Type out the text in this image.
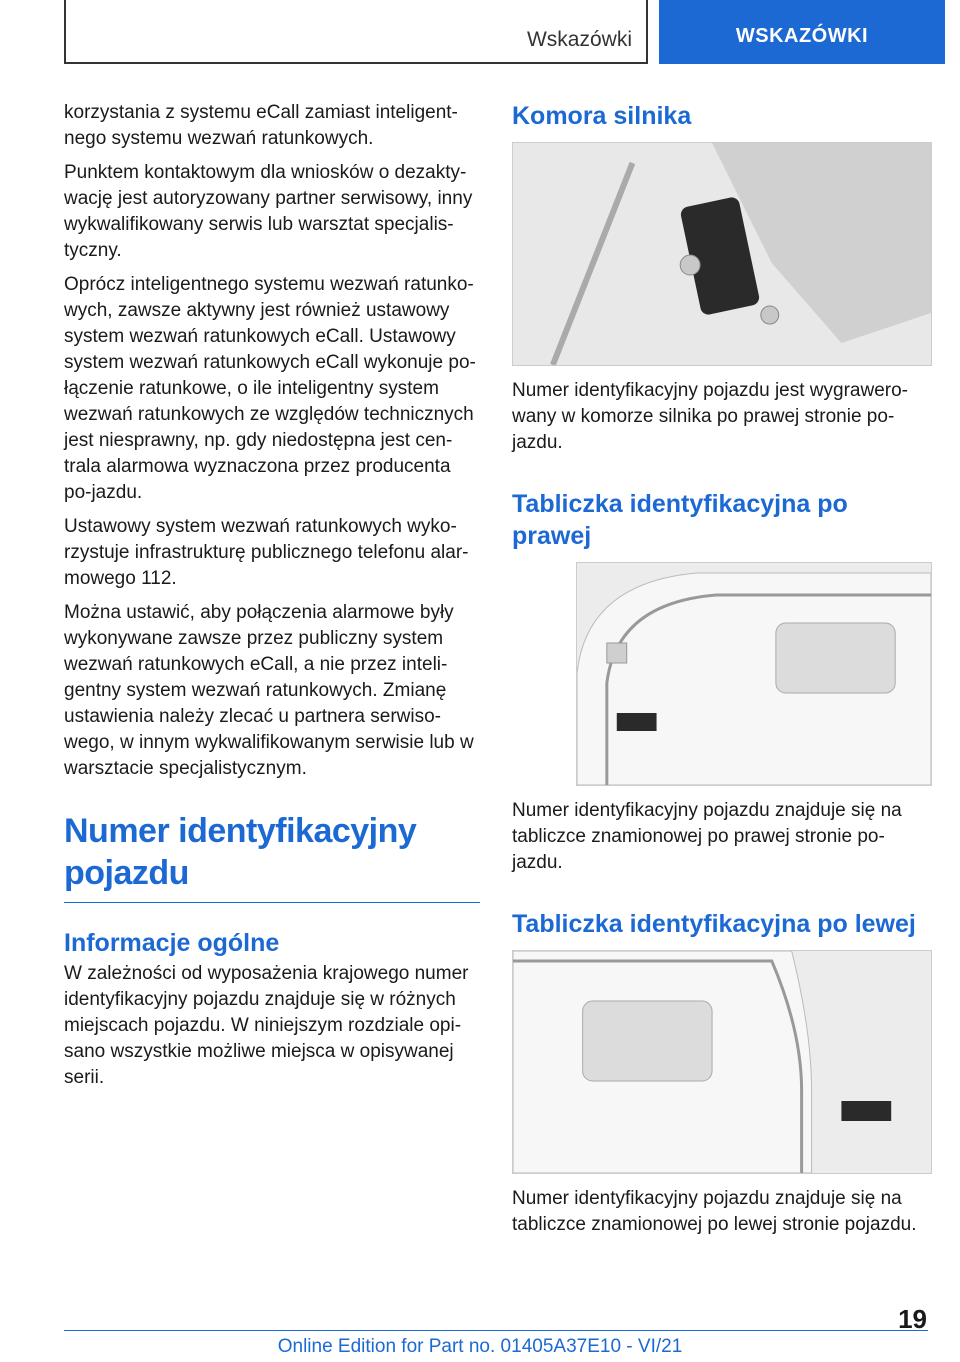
Wskazówki	WSKAZÓWKI

korzystania z systemu eCall zamiast inteligent-nego systemu wezwań ratunkowych.

Punktem kontaktowym dla wniosków o dezakty-wację jest autoryzowany partner serwisowy, inny wykwalifikowany serwis lub warsztat specjalis-tyczny.

Oprócz inteligentnego systemu wezwań ratunko-wych, zawsze aktywny jest również ustawowy system wezwań ratunkowych eCall. Ustawowy system wezwań ratunkowych eCall wykonuje po-łączenie ratunkowe, o ile inteligentny system wezwań ratunkowych ze względów technicznych jest niesprawny, np. gdy niedostępna jest cen-trala alarmowa wyznaczona przez producenta po-jazdu.

Ustawowy system wezwań ratunkowych wyko-rzystuje infrastrukturę publicznego telefonu alar-mowego 112.

Można ustawić, aby połączenia alarmowe były wykonywane zawsze przez publiczny system wezwań ratunkowych eCall, a nie przez inteli-gentny system wezwań ratunkowych. Zmianę ustawienia należy zlecać u partnera serwiso-wego, w innym wykwalifikowanym serwisie lub w warsztacie specjalistycznym.

Numer identyfikacyjny pojazdu
Informacje ogólne

W zależności od wyposażenia krajowego numer identyfikacyjny pojazdu znajduje się w różnych miejscach pojazdu. W niniejszym rozdziale opi-sano wszystkie możliwe miejsca w opisywanej serii.

Komora silnika

Numer identyfikacyjny pojazdu jest wygrawero-wany w komorze silnika po prawej stronie po-jazdu.

Tabliczka identyfikacyjna po prawej

Numer identyfikacyjny pojazdu znajduje się na tabliczce znamionowej po prawej stronie po-jazdu.

Tabliczka identyfikacyjna po lewej

Numer identyfikacyjny pojazdu znajduje się na tabliczce znamionowej po lewej stronie pojazdu.

19
Online Edition for Part no. 01405A37E10 - VI/21
